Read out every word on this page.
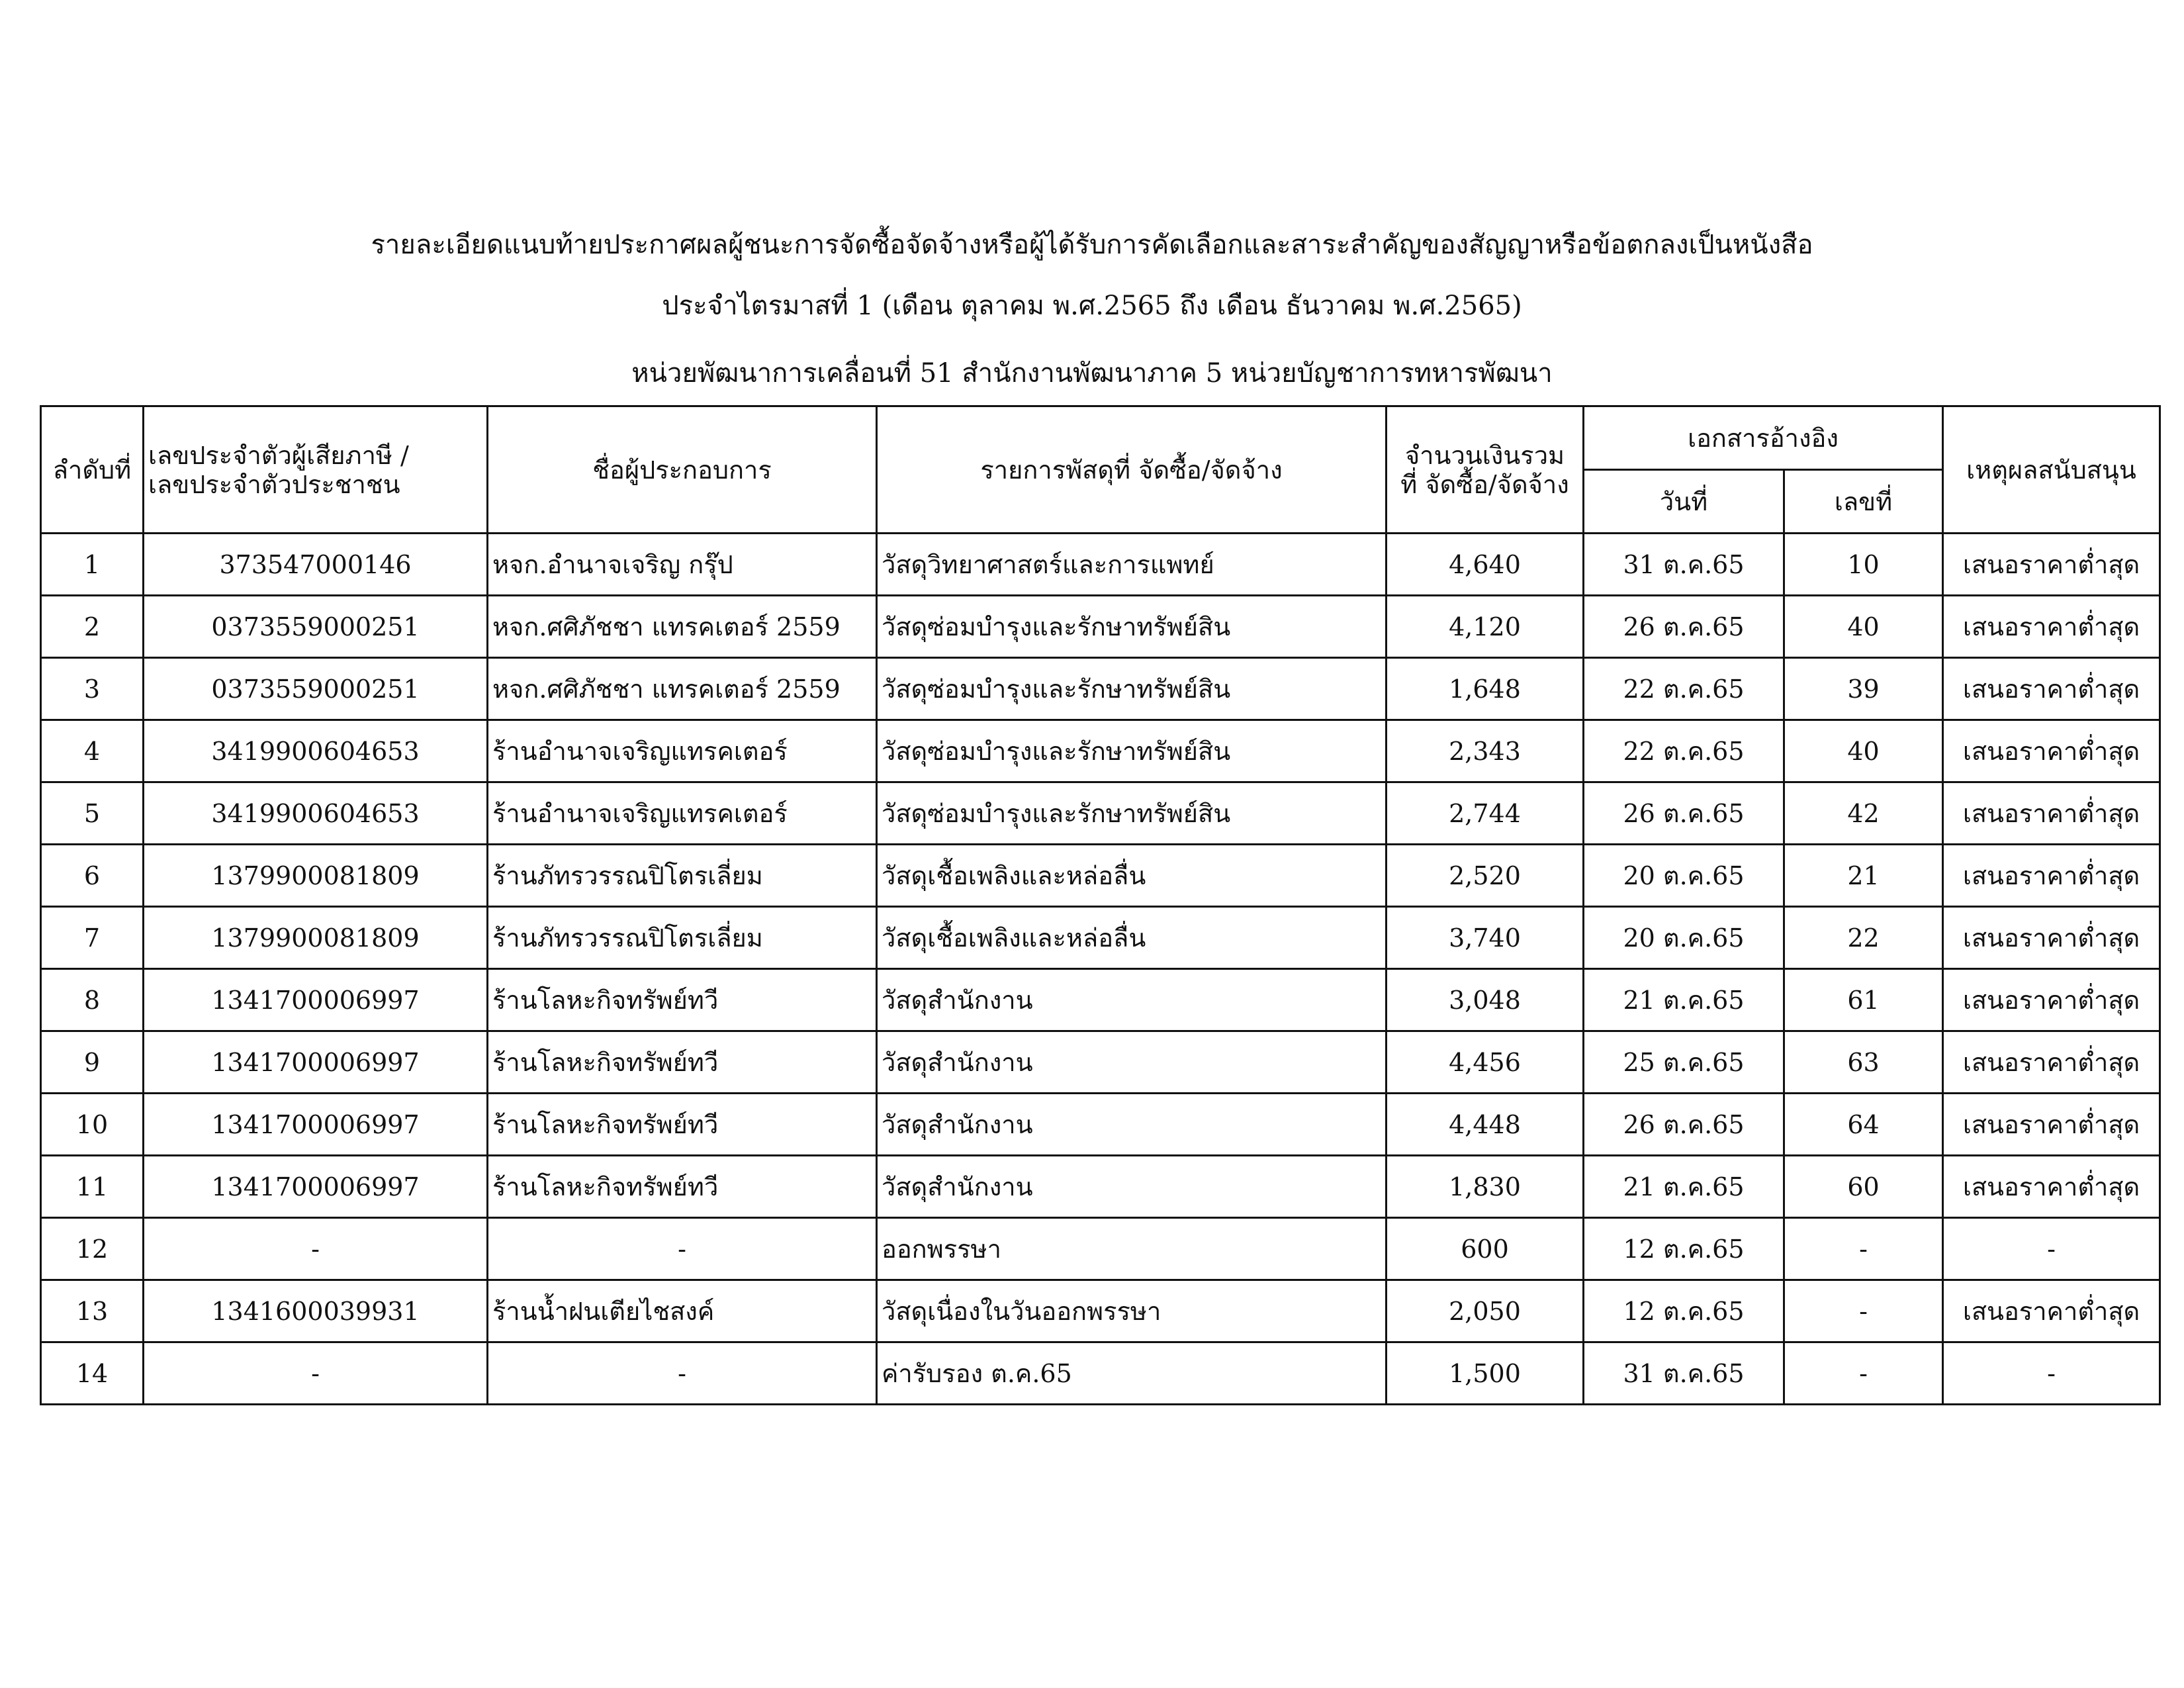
รายละเอียดแนบท้ายประกาศผลผู้ชนะการจัดซื้อจัดจ้างหรือผู้ได้รับการคัดเลือกและสาระสำคัญของสัญญาหรือข้อตกลงเป็นหนังสือ
ประจำไตรมาสที่ 1 (เดือน ตุลาคม พ.ศ.2565 ถึง เดือน ธันวาคม พ.ศ.2565)
หน่วยพัฒนาการเคลื่อนที่ 51 สำนักงานพัฒนาภาค 5 หน่วยบัญชาการทหารพัฒนา
ลำดับที่	เลขประจำตัวผู้เสียภาษี /
เลขประจำตัวประชาชน	ชื่อผู้ประกอบการ	รายการพัสดุที่ จัดซื้อ/จัดจ้าง	จำนวนเงินรวม
ที่ จัดซื้อ/จัดจ้าง	เอกสารอ้างอิง		เหตุผลสนับสนุน
					วันที่	เลขที่	
1	373547000146	หจก.อำนาจเจริญ กรุ๊ป	วัสดุวิทยาศาสตร์และการแพทย์	4,640	31 ต.ค.65	10	เสนอราคาต่ำสุด
2	0373559000251	หจก.ศศิภัชชา แทรคเตอร์ 2559	วัสดุซ่อมบำรุงและรักษาทรัพย์สิน	4,120	26 ต.ค.65	40	เสนอราคาต่ำสุด
3	0373559000251	หจก.ศศิภัชชา แทรคเตอร์ 2559	วัสดุซ่อมบำรุงและรักษาทรัพย์สิน	1,648	22 ต.ค.65	39	เสนอราคาต่ำสุด
4	3419900604653	ร้านอำนาจเจริญแทรคเตอร์	วัสดุซ่อมบำรุงและรักษาทรัพย์สิน	2,343	22 ต.ค.65	40	เสนอราคาต่ำสุด
5	3419900604653	ร้านอำนาจเจริญแทรคเตอร์	วัสดุซ่อมบำรุงและรักษาทรัพย์สิน	2,744	26 ต.ค.65	42	เสนอราคาต่ำสุด
6	1379900081809	ร้านภัทรวรรณปิโตรเลี่ยม	วัสดุเชื้อเพลิงและหล่อลื่น	2,520	20 ต.ค.65	21	เสนอราคาต่ำสุด
7	1379900081809	ร้านภัทรวรรณปิโตรเลี่ยม	วัสดุเชื้อเพลิงและหล่อลื่น	3,740	20 ต.ค.65	22	เสนอราคาต่ำสุด
8	1341700006997	ร้านโลหะกิจทรัพย์ทวี	วัสดุสำนักงาน	3,048	21 ต.ค.65	61	เสนอราคาต่ำสุด
9	1341700006997	ร้านโลหะกิจทรัพย์ทวี	วัสดุสำนักงาน	4,456	25 ต.ค.65	63	เสนอราคาต่ำสุด
10	1341700006997	ร้านโลหะกิจทรัพย์ทวี	วัสดุสำนักงาน	4,448	26 ต.ค.65	64	เสนอราคาต่ำสุด
11	1341700006997	ร้านโลหะกิจทรัพย์ทวี	วัสดุสำนักงาน	1,830	21 ต.ค.65	60	เสนอราคาต่ำสุด
12	-	-	ออกพรรษา	600	12 ต.ค.65	-	-
13	1341600039931	ร้านน้ำฝนเตียไชสงค์	วัสดุเนื่องในวันออกพรรษา	2,050	12 ต.ค.65	-	เสนอราคาต่ำสุด
14	-	-	ค่ารับรอง ต.ค.65	1,500	31 ต.ค.65	-	-
